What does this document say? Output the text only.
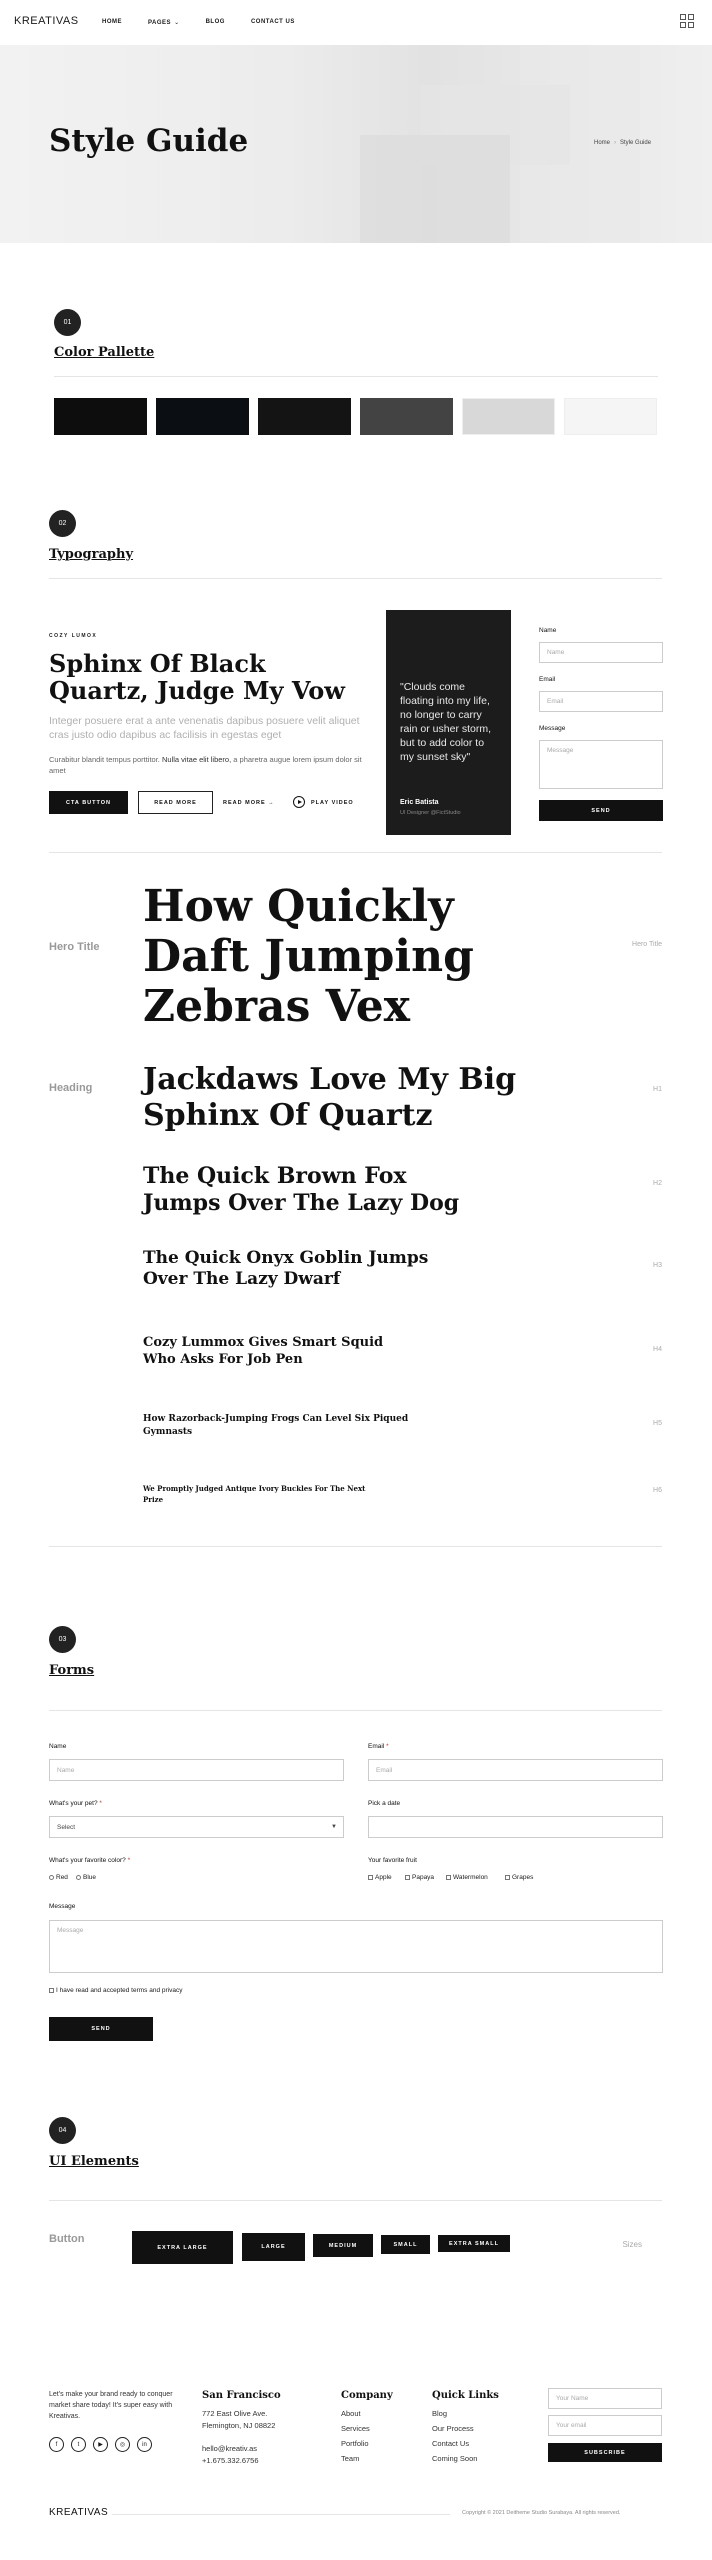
KREATIVAS	HOME	PAGES ⌄	BLOG	CONTACT US
Style Guide	Home › Style Guide
01
Color Pallette
02
Typography
COZY LUMOX
Sphinx Of Black Quartz, Judge My Vow
Integer posuere erat a ante venenatis dapibus posuere velit aliquet cras justo odio dapibus ac facilisis in egestas eget
Curabitur blandit tempus porttitor. Nulla vitae elit libero, a pharetra augue lorem ipsum dolor sit amet
CTA BUTTON	READ MORE	READ MORE →	PLAY VIDEO
"Clouds come floating into my life, no longer to carry rain or usher storm, but to add color to my sunset sky"
Eric Batista
UI Designer @FictStudio
Name
Name
Email
Email
Message
Message
SEND
Hero Title	Hero Title
How Quickly Daft Jumping Zebras Vex
Heading Jackdaws Love My Big Sphinx Of Quartz
H1
The Quick Brown Fox Jumps Over The Lazy Dog
H2
The Quick Onyx Goblin Jumps Over The Lazy Dwarf
H3
Cozy Lummox Gives Smart Squid Who Asks For Job Pen
H4
How Razorback-Jumping Frogs Can Level Six Piqued Gymnasts
H5
We Promptly Judged Antique Ivory Buckles For The Next Prize
H6
03
Forms
Name
Name
Email *
Email
What's your pet? *
Select	▼
Pick a date
What's your favorite color? *
Red Blue
Your favorite fruit
Apple	Papaya	Watermelon	Grapes
Message
Message
I have read and accepted terms and privacy
SEND
04
UI Elements
Button
EXTRA LARGE	LARGE	MEDIUM	SMALL	EXTRA SMALL	Sizes
Let's make your brand ready to conquer market share today! It's super easy with Kreativas.
f	t	▶	◎	in
San Francisco
772 East Olive Ave.
Flemington, NJ 08822
hello@kreativ.as
+1.675.332.6756
Company
About
Services
Portfolio
Team
Quick Links
Blog
Our Process
Contact Us
Coming Soon
Your Name
Your email
SUBSCRIBE
KREATIVAS	Copyright © 2021 Deitheme Studio Surabaya. All rights reserved.
